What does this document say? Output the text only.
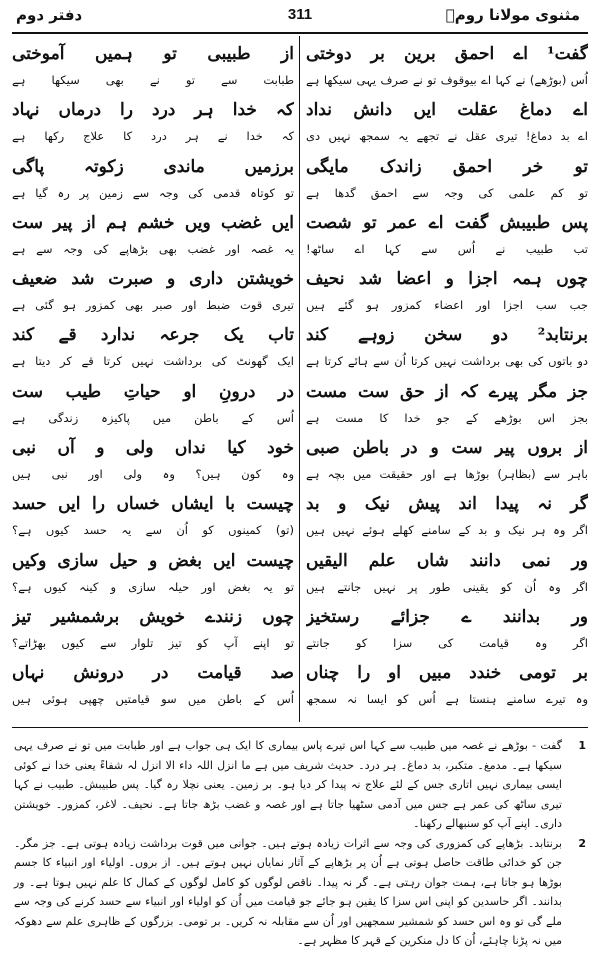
مثنوی مولانا رومؒ
311
دفتر دوم
گفت¹ اے احمق برین بر دوختی
اُس (بوڑھے) نے کہا اے بیوقوف تو نے صرف یہی سیکھا ہے
اے دماغ عقلت ایں دانش نداد
اے بد دماغ! تیری عقل نے تجھے یہ سمجھ نہیں دی
تو خر احمق زاندک مایگی
تو کم علمی کی وجہ سے احمق گدھا ہے
پس طبیبش گفت اے عمر تو شصت
تب طبیب نے اُس سے کہا اے ساٹھ!
چوں ہمہ اجزا و اعضا شد نحیف
جب سب اجزا اور اعضاء کمزور ہو گئے ہیں
برنتابد² دو سخن زوہے کند
دو باتوں کی بھی برداشت نہیں کرتا اُن سے ہائے کرتا ہے
جز مگر پیرے کہ از حق ست مست
بجز اس بوڑھے کے جو خدا کا مست ہے
از بروں پیر ست و در باطن صبی
باہر سے (بظاہر) بوڑھا ہے اور حقیقت میں بچہ ہے
گر نہ پیدا اند پیش نیک و بد
اگر وہ ہر نیک و بد کے سامنے کھلے ہوئے نہیں ہیں
ور نمی دانند شاں علم الیقیں
اگر وہ اُن کو یقینی طور پر نہیں جانتے ہیں
ور بدانند ے جزائے رستخیز
اگر وہ قیامت کی سزا کو جانتے
بر تومی خندد مبیں او را چناں
وہ تیرے سامنے ہنستا ہے اُس کو ایسا نہ سمجھ
از طبیبی تو ہمیں آموختی
طبابت سے تو نے بھی سیکھا ہے
کہ خدا ہر درد را درماں نہاد
کہ خدا نے ہر درد کا علاج رکھا ہے
برزمیں ماندی زکوتہ پاگی
تو کوتاہ قدمی کی وجہ سے زمین پر رہ گیا ہے
ایں غضب ویں خشم ہم از پیر ست
یہ غصہ اور غضب بھی بڑھاپے کی وجہ سے ہے
خویشتن داری و صبرت شد ضعیف
تیری قوت ضبط اور صبر بھی کمزور ہو گئی ہے
تاب یک جرعہ ندارد قے کند
ایک گھونٹ کی برداشت نہیں کرتا قے کر دیتا ہے
در درونِ او حیاتِ طیب ست
اُس کے باطن میں پاکیزہ زندگی ہے
خود کیا نداں ولی و آں نبی
وہ کون ہیں؟ وہ ولی اور نبی ہیں
چیست با ایشاں خساں را ایں حسد
(تو) کمینوں کو اُن سے یہ حسد کیوں ہے؟
چیست ایں بغض و حیل سازی وکیں
تو یہ بغض اور حیلہ سازی و کینہ کیوں ہے؟
چوں زنندے خویش برشمشیر تیز
تو اپنے آپ کو تیز تلوار سے کیوں بھڑاتے؟
صد قیامت در درونش نہاں
اُس کے باطن میں سو قیامتیں چھپی ہوئی ہیں
1
گفت - بوڑھے نے غصہ میں طبیب سے کہا اس تیرے پاس بیماری کا ایک ہی جواب ہے اور طبابت میں تو نے صرف یہی سیکھا ہے۔ مدمغ۔ متکبر، بد دماغ۔ ہر درد۔ حدیث شریف میں ہے ما انزل اللہ داء الا انزل لہ شفاءً یعنی خدا نے کوئی ایسی بیماری نہیں اتاری جس کے لئے علاج نہ پیدا کر دیا ہو۔ بر زمین۔ یعنی نچلا رہ گیا۔ پس طبیبش۔ طبیب نے کہا تیری ساٹھ کی عمر ہے جس میں آدمی سٹھیا جاتا ہے اور غصہ و غضب بڑھ جاتا ہے۔ نحیف۔ لاغر، کمزور۔ خویشتن داری۔ اپنے آپ کو سنبھالے رکھنا۔
2
برنتابد۔ بڑھاپے کی کمزوری کی وجہ سے اثرات زیادہ ہوتے ہیں۔ جوانی میں قوت برداشت زیادہ ہوتی ہے۔ جز مگر۔ جن کو خدائی طاقت حاصل ہوتی ہے اُن پر بڑھاپے کے آثار نمایاں نہیں ہوتے ہیں۔ از بروں۔ اولیاء اور انبیاء کا جسم بوڑھا ہو جاتا ہے، ہمت جوان رہتی ہے۔ گر نہ پیدا۔ ناقص لوگوں کو کامل لوگوں کے کمال کا علم نہیں ہوتا ہے۔ ور بدانند۔ اگر حاسدین کو اپنی اس سزا کا یقین ہو جائے جو قیامت میں اُن کو اولیاء اور انبیاء سے حسد کرنے کی وجہ سے ملے گی تو وہ اس حسد کو شمشیر سمجھیں اور اُن سے مقابلہ نہ کریں۔ بر تومی۔ بزرگوں کے ظاہری علم سے دھوکہ میں نہ پڑنا چاہئے، اُن کا دل منکرین کے قہر کا مظہر ہے۔
